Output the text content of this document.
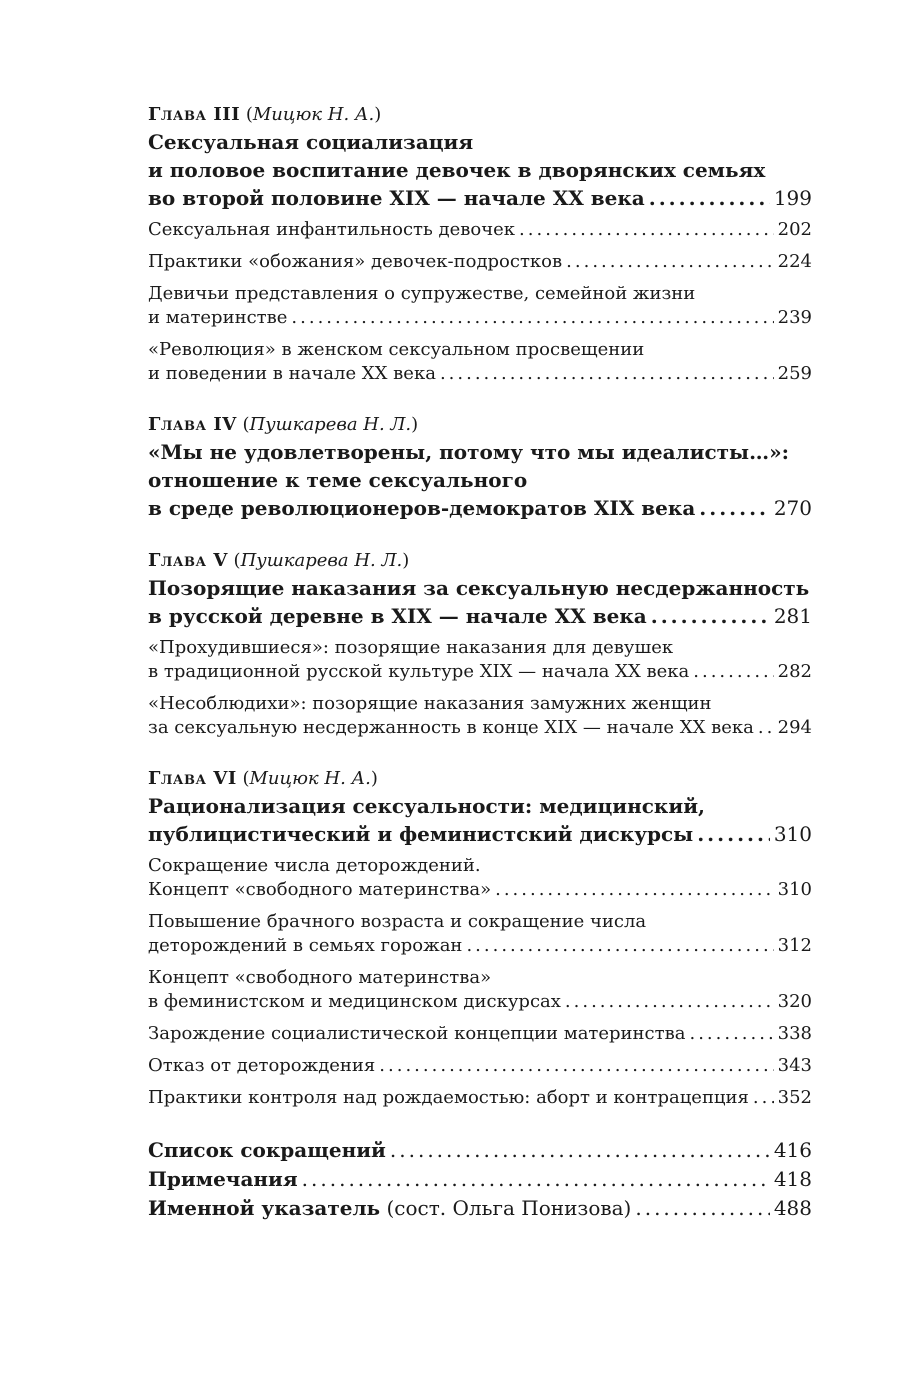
Глава III (Мицюк Н. А.)
Сексуальная социализация
и половое воспитание девочек в дворянских семьях
во второй половине XIX — начале XX века .....	199
Сексуальная инфантильность девочек .....	202
Практики «обожания» девочек-подростков .....	224
Девичьи представления о супружестве, семейной жизни
и материнстве .....	239
«Революция» в женском сексуальном просвещении
и поведении в начале XX века .....	259
Глава IV (Пушкарева Н. Л.)
«Мы не удовлетворены, потому что мы идеалисты…»:
отношение к теме сексуального
в среде революционеров-демократов XIX века .....	270
Глава V (Пушкарева Н. Л.)
Позорящие наказания за сексуальную несдержанность
в русской деревне в XIX — начале XX века .....	281
«Прохудившиеся»: позорящие наказания для девушек
в традиционной русской культуре XIX — начала XX века .....	282
«Несоблюдихи»: позорящие наказания замужних женщин
за сексуальную несдержанность в конце XIX — начале XX века ..... 294
Глава VI (Мицюк Н. А.)
Рационализация сексуальности: медицинский,
публицистический и феминистский дискурсы .....	310
Сокращение числа деторождений.
Концепт «свободного материнства» .....	310
Повышение брачного возраста и сокращение числа
деторождений в семьях горожан .....	312
Концепт «свободного материнства»
в феминистском и медицинском дискурсах .....	320
Зарождение социалистической концепции материнства .....	338
Отказ от деторождения .....	343
Практики контроля над рождаемостью: аборт и контрацепция ..... 352
Список сокращений .....	416
Примечания .....	418
Именной указатель (сост. Ольга Понизова) .....	488
